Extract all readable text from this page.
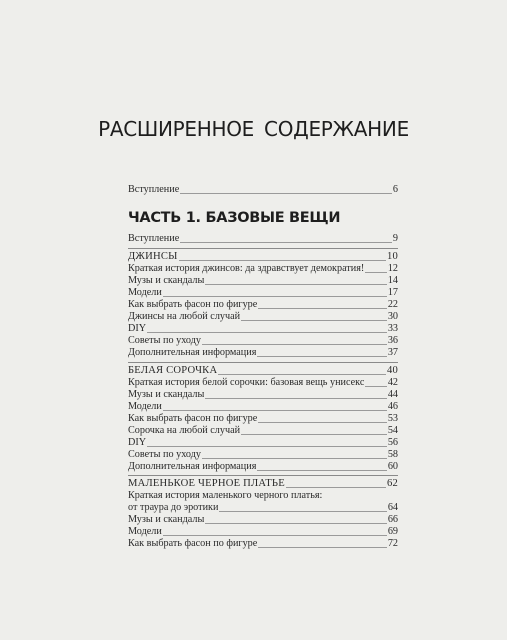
РАСШИРЕННОЕ СОДЕРЖАНИЕ
Вступление	6
ЧАСТЬ 1. БАЗОВЫЕ ВЕЩИ
Вступление	9
ДЖИНСЫ	10
Краткая история джинсов: да здравствует демократия! 12
Музы и скандалы	14
Модели	17
Как выбрать фасон по фигуре	22
Джинсы на любой случай	30
DIY	33
Советы по уходу	36
Дополнительная информация	37
БЕЛАЯ СОРОЧКА	40
Краткая история белой сорочки: базовая вещь унисекс 42
Музы и скандалы	44
Модели	46
Как выбрать фасон по фигуре	53
Сорочка на любой случай	54
DIY	56
Советы по уходу	58
Дополнительная информация	60
МАЛЕНЬКОЕ ЧЕРНОЕ ПЛАТЬЕ	62
Краткая история маленького черного платья:
от траура до эротики	64
Музы и скандалы	66
Модели	69
Как выбрать фасон по фигуре	72
